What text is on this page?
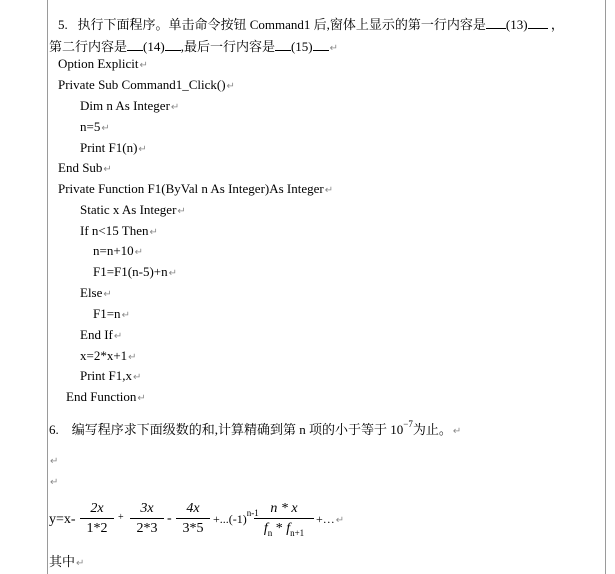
5. 执行下面程序。单击命令按钮 Command1 后,窗体上显示的第一行内容是 (13) ，
第二行内容是 (14) ,最后一行内容是 (15) ↵
Option Explicit↵
Private Sub Command1_Click()↵
Dim n As Integer↵
n=5↵
Print F1(n)↵
End Sub↵
Private Function F1(ByVal n As Integer)As Integer↵
Static x As Integer↵
If n<15 Then↵
n=n+10↵
F1=F1(n-5)+n↵
Else↵
F1=n↵
End If↵
x=2*x+1↵
Print F1,x↵
End Function↵
6. 编写程序求下面级数的和,计算精确到第 n 项的小于等于 $10^{-7}$为止。↵
↵
↵
y=x-
2x
1*2
+
3x
2*3
-
4x
3*5
$+...(-1)^{n-1}$ n * x
$f_n * f_{n+1}$
+…↵
其中↵
